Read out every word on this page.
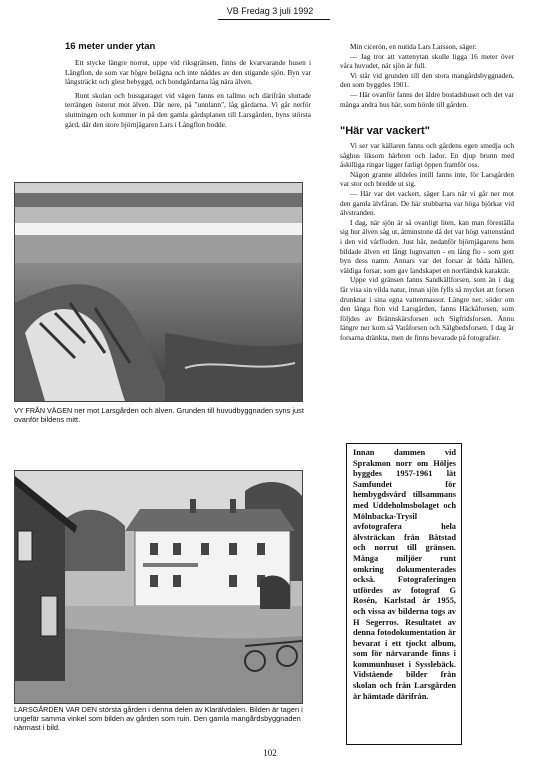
VB Fredag 3 juli 1992
16 meter under ytan

Ett stycke längre norrut, uppe vid riksgränsen, finns de kvarvarande husen i Långflon, de som var högre belägna och inte nåddes av den stigande sjön. Byn var långsträckt och glest bebyggd, och bondgårdarna låg nära älven.

Runt skolan och bussgaraget vid vägen fanns en tallmo och därifrån sluttade terrängen österut mot älven. Där nere, på "unnlann", låg gårdarna. Vi går nerför sluttningen och kommer in på den gamla gårdsplanen till Larsgården, byns största gård, där den store björnjägaren Lars i Långflon bodde.

VY FRÅN VÄGEN ner mot Larsgården och älven. Grunden till huvudbyggnaden syns just ovanför bildens mitt.
LARSGÅRDEN VAR DEN största gården i denna delen av Klarälvdalen. Bilden är tagen i ungefär samma vinkel som bilden av gården som ruin. Den gamla mangårdsbyggnaden närmast i bild.

Min cicerón, en nutida Lars Larsson, säger:

— Jag tror att vattenytan skulle ligga 16 meter över våra huvudet, när sjön är full.

Vi står vid grunden till den stora mangårdsbyggnaden, den som byggdes 1901.

— Här ovanför fanns det äldre bostadshuset och det var många andra hus här, som hörde till gården.

"Här var vackert"

Vi ser var källaren fanns och gårdens egen smedja och såghus liksom härbren och lador. En djup brunn med åskilliga ringar ligger farligt öppen framför oss.

Någon granne alldeles intill fanns inte, för Larsgården var stor och bredde ut sig.

— Här var det vackert, säger Lars när vi går ner mot den gamla älvfåran. De här stubbarna var höga björkar vid älvstranden.

I dag, när sjön är så ovanligt liten, kan man föreställa sig hur älven såg ut, åtminstone då det var högt vattenstånd i den vid vårfloden. Just här, nedanför björnjägarens hem bildade älven ett långt lugnvatten - en lång flo - som gett byn dess namn. Annars var det forsar åt båda hållen, väldiga forsar, som gav landskapet en norrländsk karaktär.

Uppe vid gränsen fanns Sandkällforsen, som än i dag får visa sin vilda natur, innan sjön fylls så mycket att forsen drunknar i sina egna vattenmassor. Längre ner, söder om den långa flon vid Larsgården, fanns Häckåforsen, som följdes av Brännskärsforsen och Sigfridsforsen. Ännu längre ner kom så Varåforsen och Sälgbedsforsen. I dag är forsarna dränkta, men de finns bevarade på fotografier.

Innan dammen vid Sprakmon norr om Höljes byggdes 1957-1961 lät Samfundet för hembygdsvård tillsammans med Uddeholmsbolaget och Mölnbacka-Trysil avfotografera hela älvsträckan från Båtstad och norrut till gränsen. Många miljöer runt omkring dokumenterades också. Fotograferingen utfördes av fotograf G Rosén, Karlstad år 1955, och vissa av bilderna togs av H Segerros. Resultatet av denna fotodokumentation är bevarat i ett tjockt album, som för närvarande finns i kommunhuset i Sysslebäck. Vidstående bilder från skolan och från Larsgården är hämtade därifrån.
102
